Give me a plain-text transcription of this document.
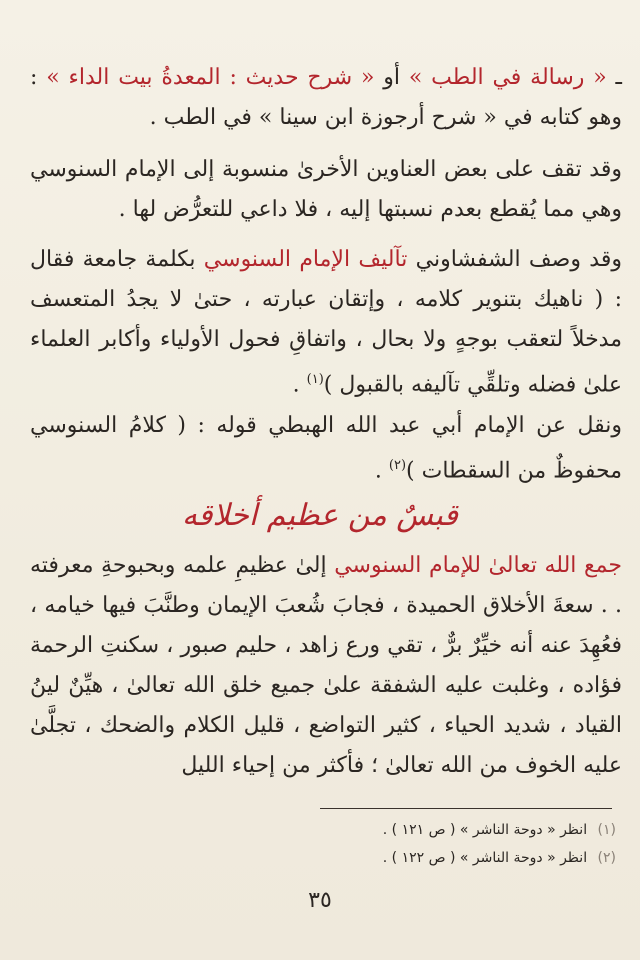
ـ « رسالة في الطب » أو « شرح حديث : المعدةُ بيت الداء » : وهو كتابه في « شرح أرجوزة ابن سينا » في الطب .
وقد تقف على بعض العناوين الأخرىٰ منسوبة إلى الإمام السنوسي وهي مما يُقطع بعدم نسبتها إليه ، فلا داعي للتعرُّض لها .
وقد وصف الشفشاوني تآليف الإمام السنوسي بكلمة جامعة فقال : ( ناهيك بتنوير كلامه ، وإتقان عبارته ، حتىٰ لا يجدُ المتعسف مدخلاً لتعقب بوجهٍ ولا بحال ، واتفاقِ فحول الأولياء وأكابر العلماء علىٰ فضله وتلقِّي تآليفه بالقبول )$^{(١)}$ .
ونقل عن الإمام أبي عبد الله الهبطي قوله : ( كلامُ السنوسي محفوظٌ من السقطات )$^{(٢)}$ .
قبسٌ من عظيم أخلاقه
جمع الله تعالىٰ للإمام السنوسي إلىٰ عظيمِ علمه وبحبوحةِ معرفته . . سعةَ الأخلاق الحميدة ، فجابَ شُعبَ الإيمان وطنَّبَ فيها خيامه ، فعُهِدَ عنه أنه خيِّرٌ برٌّ ، تقي ورع زاهد ، حليم صبور ، سكنتِ الرحمة فؤاده ، وغلبت عليه الشفقة علىٰ جميع خلق الله تعالىٰ ، هيِّنٌ لينُ القياد ، شديد الحياء ، كثير التواضع ، قليل الكلام والضحك ، تجلَّىٰ عليه الخوف من الله تعالىٰ ؛ فأكثر من إحياء الليل
(١) انظر « دوحة الناشر » ( ص ١٢١ ) .
(٢) انظر « دوحة الناشر » ( ص ١٢٢ ) .
٣٥
